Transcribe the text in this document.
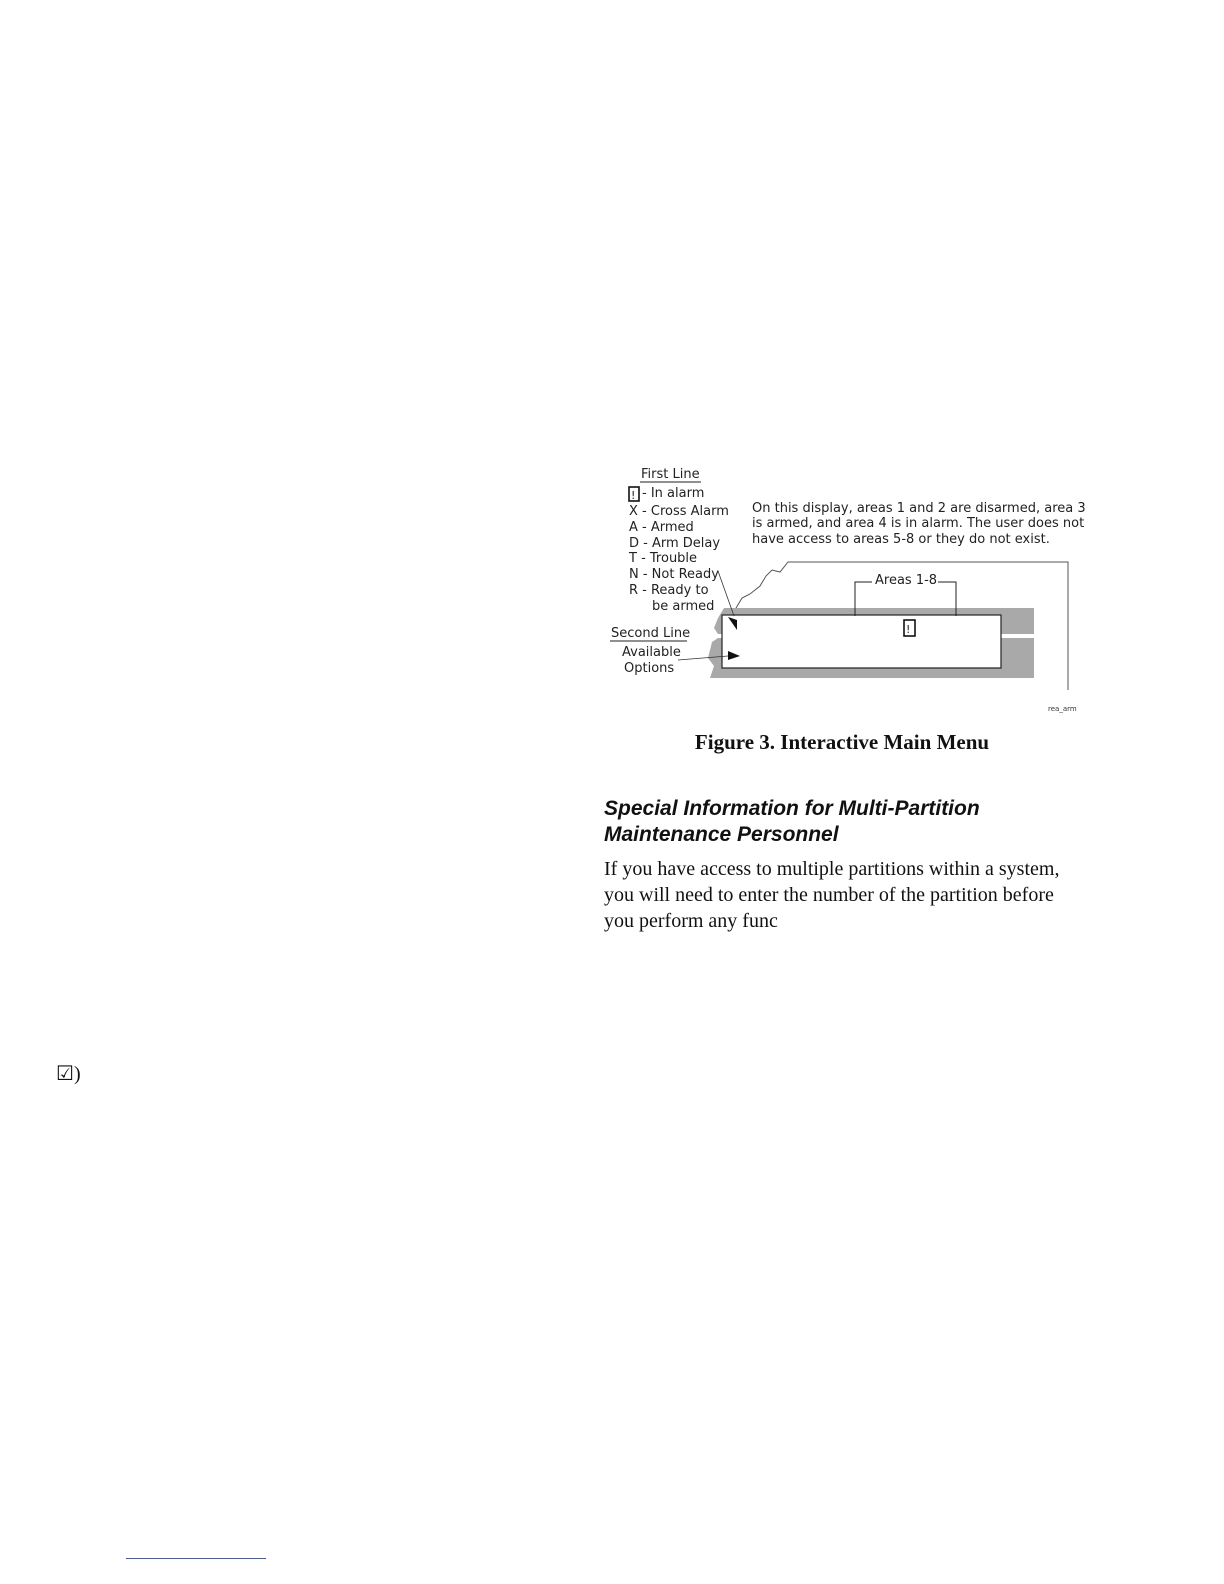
First Line
! - In alarm
X - Cross Alarm
A - Armed
D - Arm Delay
T - Trouble
N - Not Ready
R - Ready to
be armed
On this display, areas 1 and 2 are disarmed, area 3
is armed, and area 4 is in alarm. The user does not
have access to areas 5-8 or they do not exist.
Areas 1-8
!
Second Line
Available
Options
rea_arm
Figure 3. Interactive Main Menu
Special Information for Multi-Partition
Maintenance Personnel
If you have access to multiple partitions within a system, you will need to enter the number of the partition before you perform any func
☑)
